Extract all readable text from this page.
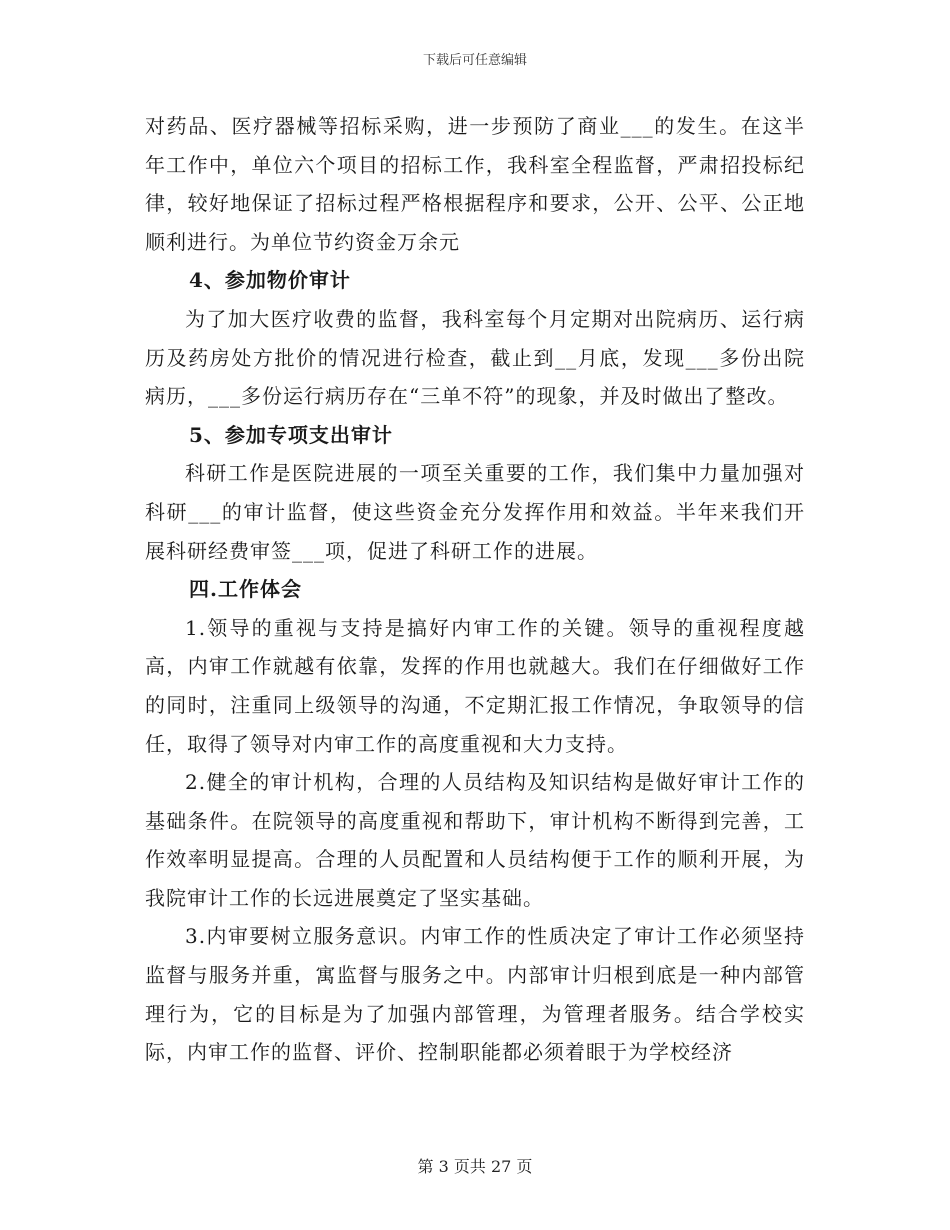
下载后可任意编辑

对药品、医疗器械等招标采购，进一步预防了商业___的发生。在这半年工作中，单位六个项目的招标工作，我科室全程监督，严肃招投标纪律，较好地保证了招标过程严格根据程序和要求，公开、公平、公正地顺利进行。为单位节约资金万余元

4、参加物价审计

为了加大医疗收费的监督，我科室每个月定期对出院病历、运行病历及药房处方批价的情况进行检查，截止到__月底，发现___多份出院病历，___多份运行病历存在“三单不符”的现象，并及时做出了整改。

5、参加专项支出审计

科研工作是医院进展的一项至关重要的工作，我们集中力量加强对科研___的审计监督，使这些资金充分发挥作用和效益。半年来我们开展科研经费审签___项，促进了科研工作的进展。

四.工作体会

1.领导的重视与支持是搞好内审工作的关键。领导的重视程度越高，内审工作就越有依靠，发挥的作用也就越大。我们在仔细做好工作的同时，注重同上级领导的沟通，不定期汇报工作情况，争取领导的信任，取得了领导对内审工作的高度重视和大力支持。

2.健全的审计机构，合理的人员结构及知识结构是做好审计工作的基础条件。在院领导的高度重视和帮助下，审计机构不断得到完善，工作效率明显提高。合理的人员配置和人员结构便于工作的顺利开展，为我院审计工作的长远进展奠定了坚实基础。

3.内审要树立服务意识。内审工作的性质决定了审计工作必须坚持监督与服务并重，寓监督与服务之中。内部审计归根到底是一种内部管理行为，它的目标是为了加强内部管理，为管理者服务。结合学校实际，内审工作的监督、评价、控制职能都必须着眼于为学校经济

第 3 页共 27 页
